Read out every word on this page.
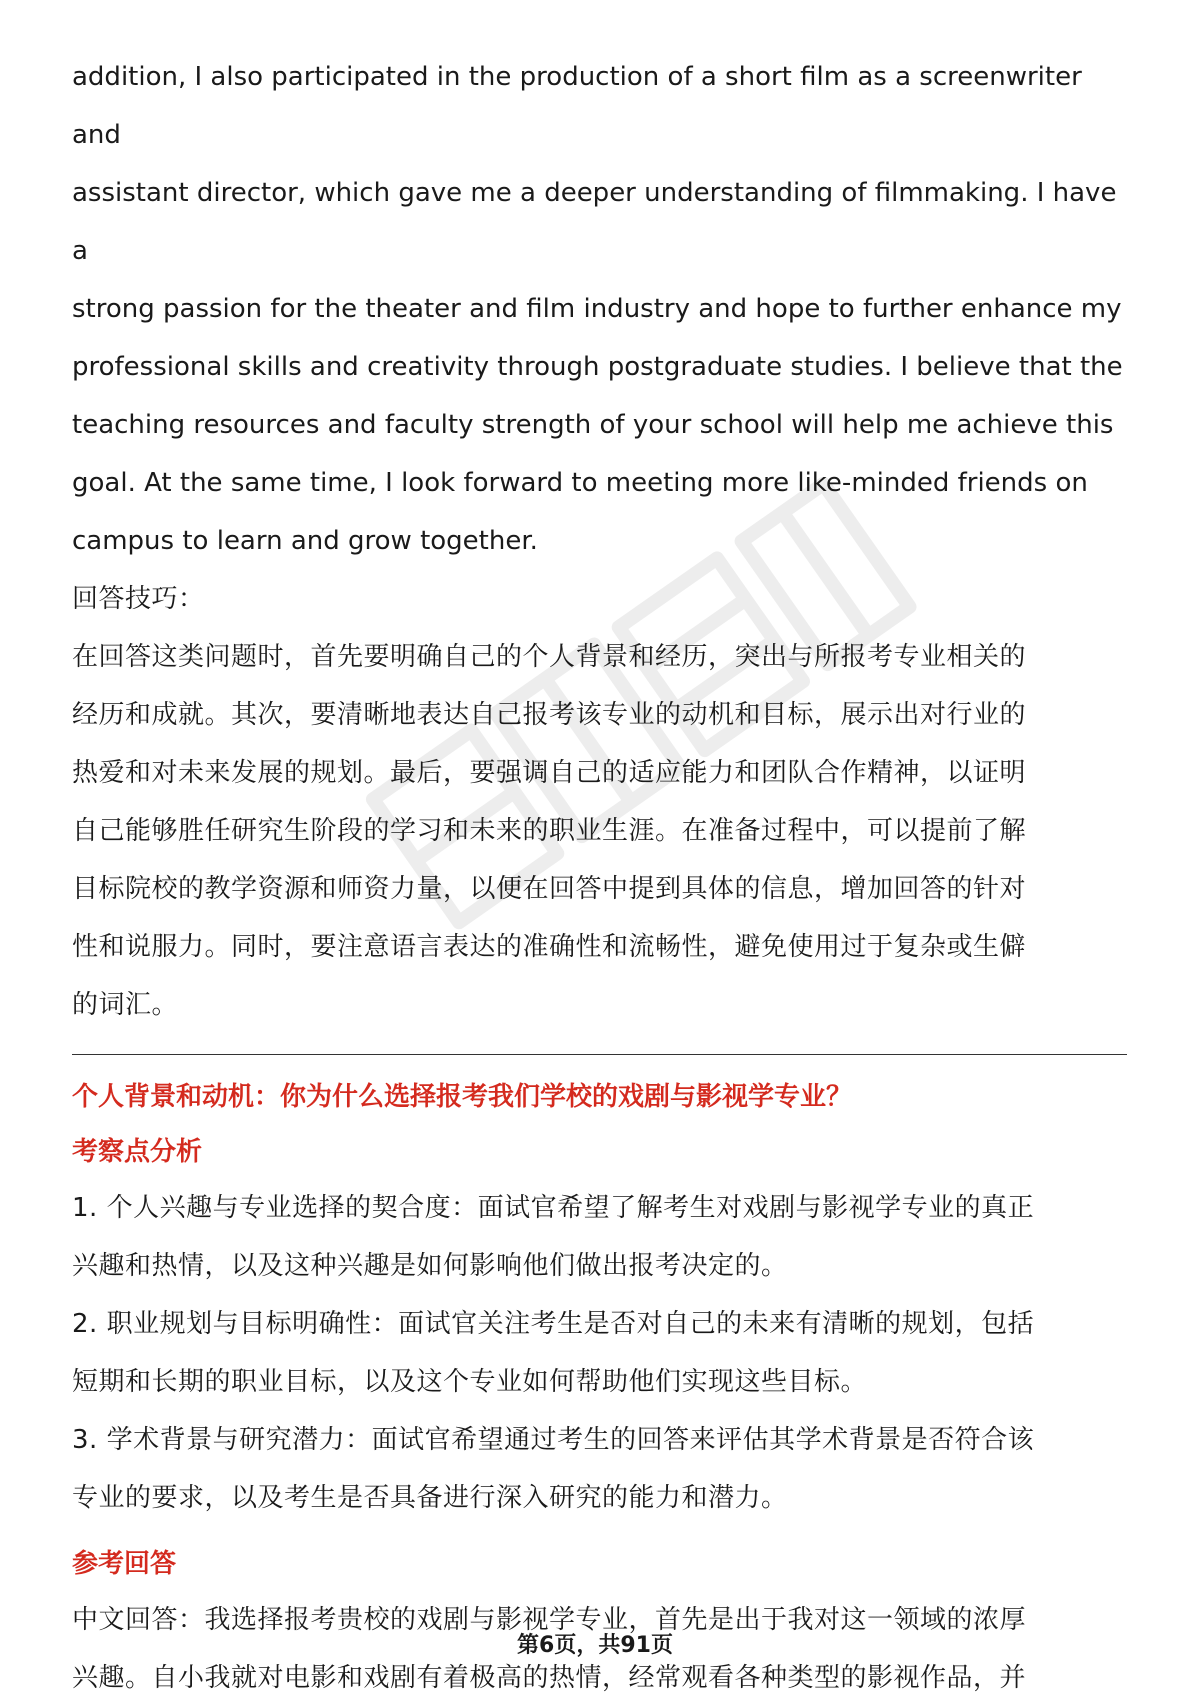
addition, I also participated in the production of a short film as a screenwriter and

assistant director, which gave me a deeper understanding of filmmaking. I have a

strong passion for the theater and film industry and hope to further enhance my

professional skills and creativity through postgraduate studies. I believe that the

teaching resources and faculty strength of your school will help me achieve this

goal. At the same time, I look forward to meeting more like-minded friends on

campus to learn and grow together.

回答技巧：

在回答这类问题时，首先要明确自己的个人背景和经历，突出与所报考专业相关的

经历和成就。其次，要清晰地表达自己报考该专业的动机和目标，展示出对行业的

热爱和对未来发展的规划。最后，要强调自己的适应能力和团队合作精神，以证明

自己能够胜任研究生阶段的学习和未来的职业生涯。在准备过程中，可以提前了解

目标院校的教学资源和师资力量，以便在回答中提到具体的信息，增加回答的针对

性和说服力。同时，要注意语言表达的准确性和流畅性，避免使用过于复杂或生僻

的词汇。

个人背景和动机：你为什么选择报考我们学校的戏剧与影视学专业？

考察点分析

1. 个人兴趣与专业选择的契合度：面试官希望了解考生对戏剧与影视学专业的真正

兴趣和热情，以及这种兴趣是如何影响他们做出报考决定的。

2. 职业规划与目标明确性：面试官关注考生是否对自己的未来有清晰的规划，包括

短期和长期的职业目标，以及这个专业如何帮助他们实现这些目标。

3. 学术背景与研究潜力：面试官希望通过考生的回答来评估其学术背景是否符合该

专业的要求，以及考生是否具备进行深入研究的能力和潜力。

参考回答

中文回答：我选择报考贵校的戏剧与影视学专业，首先是出于我对这一领域的浓厚

兴趣。自小我就对电影和戏剧有着极高的热情，经常观看各种类型的影视作品，并

第6页，共91页
